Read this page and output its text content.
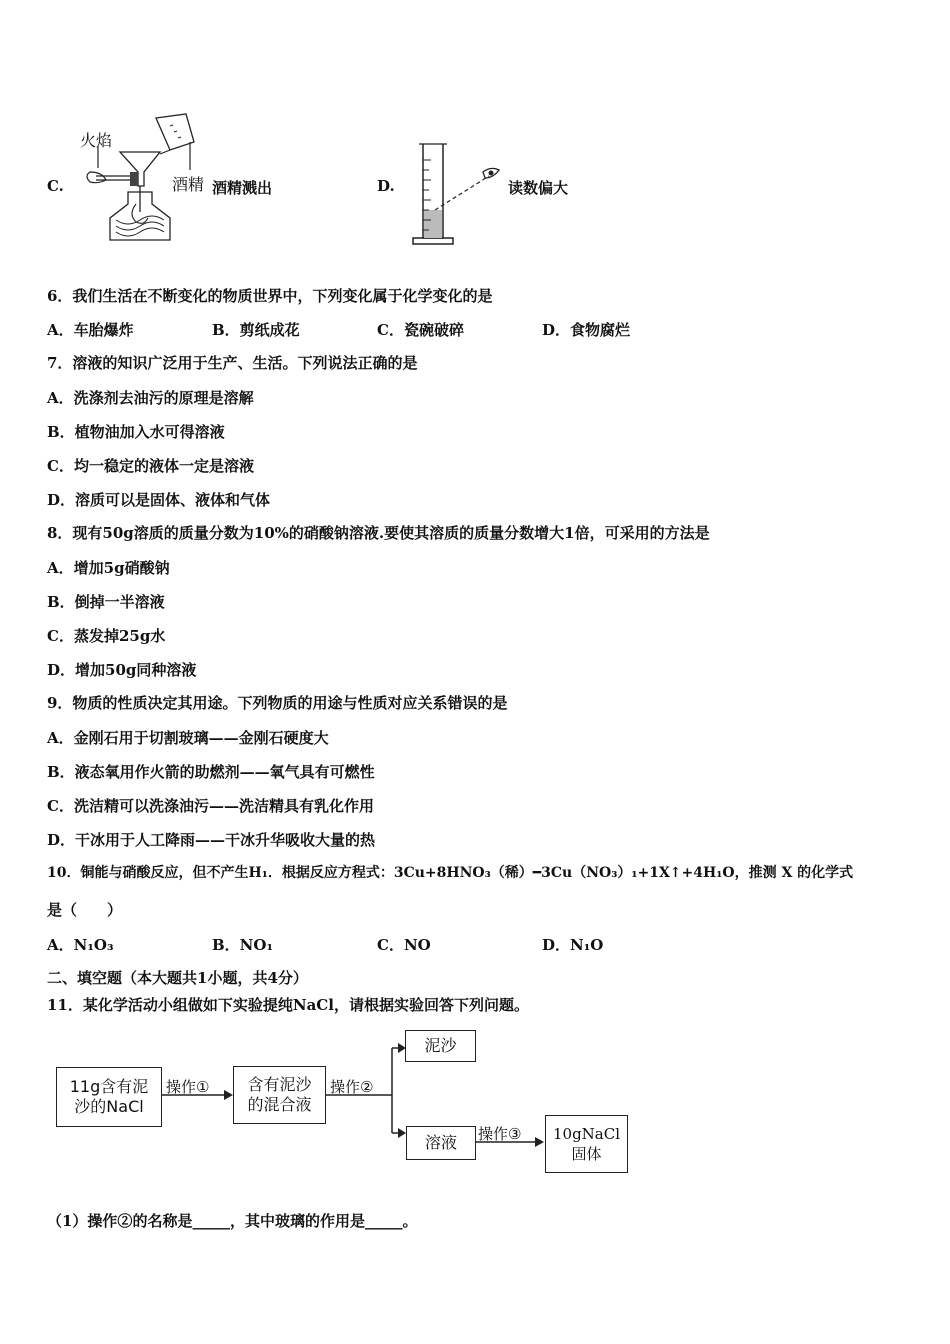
C.
火焰
酒精 酒精溅出	D.	读数偏大
6．我们生活在不断变化的物质世界中，下列变化属于化学变化的是
A．车胎爆炸	B．剪纸成花	C．瓷碗破碎	D．食物腐烂
7．溶液的知识广泛用于生产、生活。下列说法正确的是
A．洗涤剂去油污的原理是溶解
B．植物油加入水可得溶液
C．均一稳定的液体一定是溶液
D．溶质可以是固体、液体和气体
8．现有50g溶质的质量分数为10%的硝酸钠溶液.要使其溶质的质量分数增大1倍，可采用的方法是
A．增加5g硝酸钠
B．倒掉一半溶液
C．蒸发掉25g水
D．增加50g同种溶液
9．物质的性质决定其用途。下列物质的用途与性质对应关系错误的是
A．金刚石用于切割玻璃——金刚石硬度大
B．液态氧用作火箭的助燃剂——氧气具有可燃性
C．洗洁精可以洗涤油污——洗洁精具有乳化作用
D．干冰用于人工降雨——干冰升华吸收大量的热
10．铜能与硝酸反应，但不产生H₁．根据反应方程式：3Cu+8HNO₃（稀）━3Cu（NO₃）₁+1X↑+4H₁O，推测 X 的化学式
是（　　）
A．N₁O₃	B．NO₁	C．NO	D．N₁O
二、填空题（本大题共1小题，共4分）
11．某化学活动小组做如下实验提纯NaCl，请根据实验回答下列问题。
11g含有泥
沙的NaCl
操作① 含有泥沙
的混合液
操作②
泥沙
溶液	操作③ 10gNaCl
固体
（1）操作②的名称是_____，其中玻璃的作用是_____。
